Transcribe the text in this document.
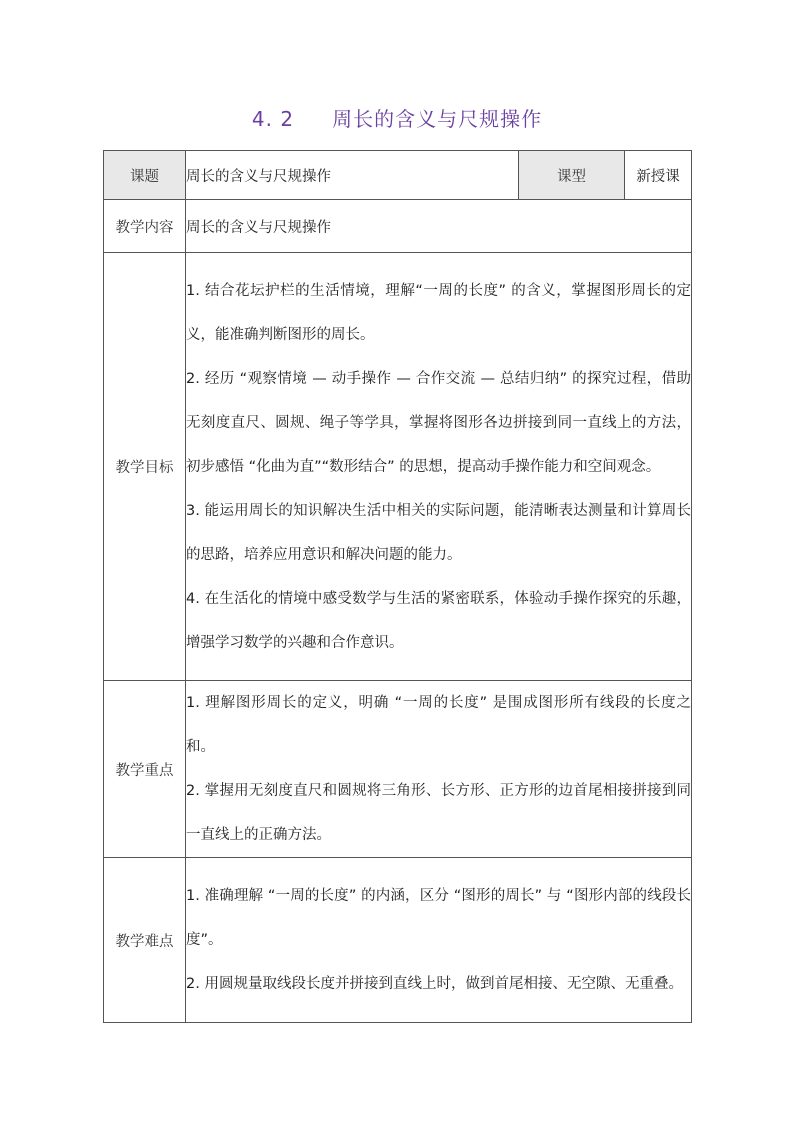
4. 2 周长的含义与尺规操作
课题	周长的含义与尺规操作	课型	新授课
教学内容	周长的含义与尺规操作		
教学目标	1. 结合花坛护栏的生活情境，理解“一周的长度” 的含义，掌握图形周长的定义，能准确判断图形的周长。

2. 经历 “观察情境 — 动手操作 — 合作交流 — 总结归纳” 的探究过程，借助无刻度直尺、圆规、绳子等学具，掌握将图形各边拼接到同一直线上的方法，初步感悟 “化曲为直”“数形结合” 的思想，提高动手操作能力和空间观念。

3. 能运用周长的知识解决生活中相关的实际问题，能清晰表达测量和计算周长的思路，培养应用意识和解决问题的能力。

4. 在生活化的情境中感受数学与生活的紧密联系，体验动手操作探究的乐趣，增强学习数学的兴趣和合作意识。		

教学重点	1. 理解图形周长的定义，明确 “一周的长度” 是围成图形所有线段的长度之和。

2. 掌握用无刻度直尺和圆规将三角形、长方形、正方形的边首尾相接拼接到同一直线上的正确方法。		

教学难点	1. 准确理解 “一周的长度” 的内涵，区分 “图形的周长” 与 “图形内部的线段长度”。

2. 用圆规量取线段长度并拼接到直线上时，做到首尾相接、无空隙、无重叠。		
